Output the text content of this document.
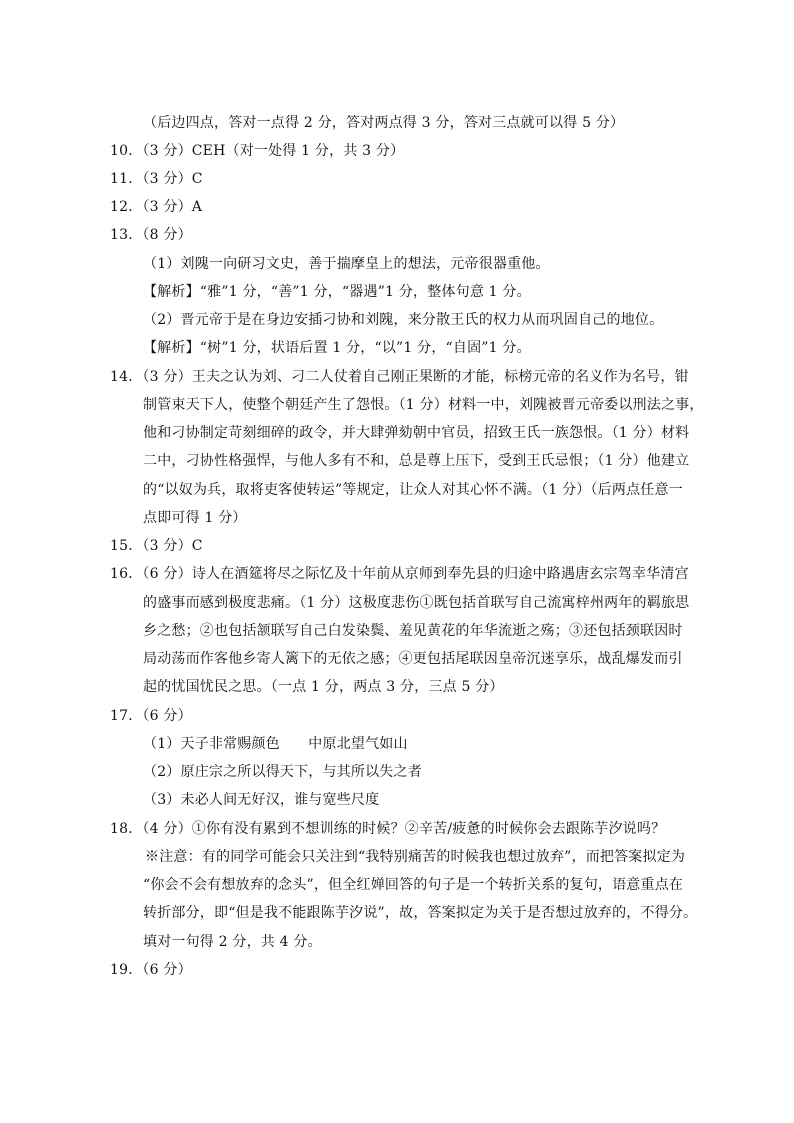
（后边四点，答对一点得 2 分，答对两点得 3 分，答对三点就可以得 5 分）
10．（3 分）CEH（对一处得 1 分，共 3 分）
11．（3 分）C
12．（3 分）A
13．（8 分）
（1）刘隗一向研习文史，善于揣摩皇上的想法，元帝很器重他。
【解析】“雅”1 分，“善”1 分，“器遇”1 分，整体句意 1 分。
（2）晋元帝于是在身边安插刁协和刘隗，来分散王氏的权力从而巩固自己的地位。
【解析】“树”1 分，状语后置 1 分，“以”1 分，“自固”1 分。
14．（3 分）王夫之认为刘、刁二人仗着自己刚正果断的才能，标榜元帝的名义作为名号，钳
制管束天下人，使整个朝廷产生了怨恨。（1 分）材料一中，刘隗被晋元帝委以刑法之事，
他和刁协制定苛刻细碎的政令，并大肆弹劾朝中官员，招致王氏一族怨恨。（1 分）材料
二中，刁协性格强悍，与他人多有不和，总是尊上压下，受到王氏忌恨；（1 分）他建立
的“以奴为兵，取将吏客使转运”等规定，让众人对其心怀不满。（1 分）（后两点任意一
点即可得 1 分）
15．（3 分）C
16．（6 分）诗人在酒筵将尽之际忆及十年前从京师到奉先县的归途中路遇唐玄宗驾幸华清宫
的盛事而感到极度悲痛。（1 分）这极度悲伤①既包括首联写自己流寓梓州两年的羁旅思
乡之愁；②也包括颔联写自己白发染鬓、羞见黄花的年华流逝之殇；③还包括颈联因时
局动荡而作客他乡寄人篱下的无依之感；④更包括尾联因皇帝沉迷享乐，战乱爆发而引
起的忧国忧民之思。（一点 1 分，两点 3 分，三点 5 分）
17．（6 分）
（1）天子非常赐颜色　　中原北望气如山
（2）原庄宗之所以得天下，与其所以失之者
（3）未必人间无好汉，谁与宽些尺度
18．（4 分）①你有没有累到不想训练的时候？②辛苦/疲惫的时候你会去跟陈芋汐说吗？
※注意：有的同学可能会只关注到“我特别痛苦的时候我也想过放弃”，而把答案拟定为
“你会不会有想放弃的念头”，但全红婵回答的句子是一个转折关系的复句，语意重点在
转折部分，即“但是我不能跟陈芋汐说”，故，答案拟定为关于是否想过放弃的，不得分。
填对一句得 2 分，共 4 分。
19．（6 分）
